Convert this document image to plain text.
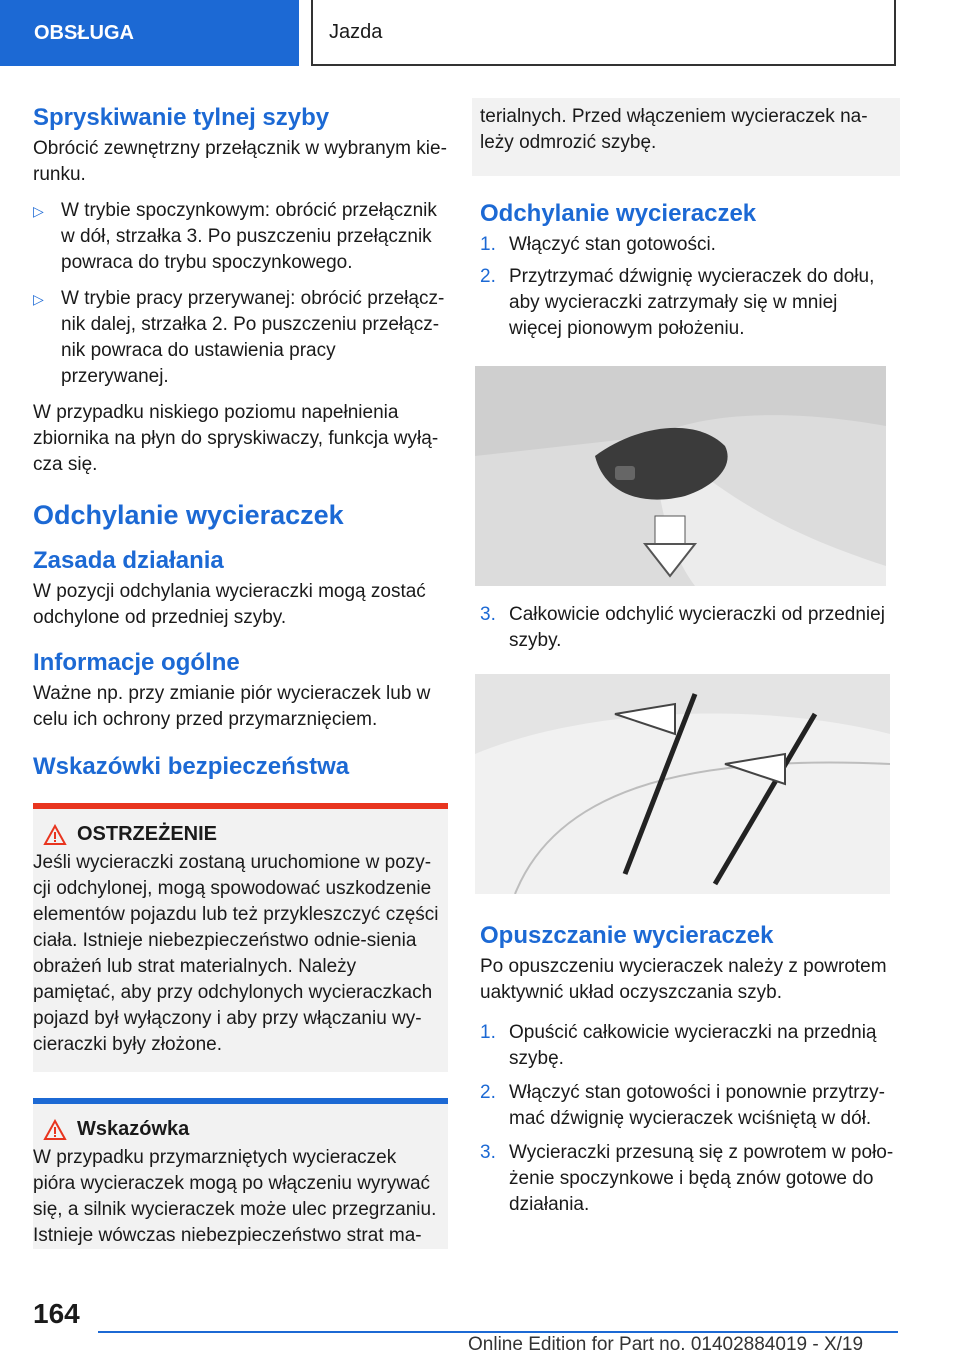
OBSŁUGA	Jazda
Spryskiwanie tylnej szyby

Obrócić zewnętrzny przełącznik w wybranym kie-runku.

▷ W trybie spoczynkowym: obrócić przełącznik w dół, strzałka 3. Po puszczeniu przełącznik powraca do trybu spoczynkowego.
▷ W trybie pracy przerywanej: obrócić przełącz-nik dalej, strzałka 2. Po puszczeniu przełącz-nik powraca do ustawienia pracy przerywanej.

W przypadku niskiego poziomu napełnienia zbiornika na płyn do spryskiwaczy, funkcja wyłą-cza się.

Odchylanie wycieraczek
Zasada działania

W pozycji odchylania wycieraczki mogą zostać odchylone od przedniej szyby.

Informacje ogólne

Ważne np. przy zmianie piór wycieraczek lub w celu ich ochrony przed przymarznięciem.

Wskazówki bezpieczeństwa
OSTRZEŻENIE

Jeśli wycieraczki zostaną uruchomione w pozy-cji odchylonej, mogą spowodować uszkodzenie elementów pojazdu lub też przykleszczyć części ciała. Istnieje niebezpieczeństwo odnie-sienia obrażeń lub strat materialnych. Należy pamiętać, aby przy odchylonych wycieraczkach pojazd był wyłączony i aby przy włączaniu wy-cieraczki były złożone.

Wskazówka

W przypadku przymarzniętych wycieraczek pióra wycieraczek mogą po włączeniu wyrywać się, a silnik wycieraczek może ulec przegrzaniu. Istnieje wówczas niebezpieczeństwo strat ma-

terialnych. Przed włączeniem wycieraczek na-leży odmrozić szybę.

Odchylanie wycieraczek
1. Włączyć stan gotowości.
2. Przytrzymać dźwignię wycieraczek do dołu, aby wycieraczki zatrzymały się w mniej więcej pionowym położeniu.
3. Całkowicie odchylić wycieraczki od przedniej szyby.
Opuszczanie wycieraczek

Po opuszczeniu wycieraczek należy z powrotem uaktywnić układ oczyszczania szyb.

1. Opuścić całkowicie wycieraczki na przednią szybę.
2. Włączyć stan gotowości i ponownie przytrzy-mać dźwignię wycieraczek wciśniętą w dół.
3. Wycieraczki przesuną się z powrotem w poło-żenie spoczynkowe i będą znów gotowe do działania.
164
Online Edition for Part no. 01402884019 - X/19
